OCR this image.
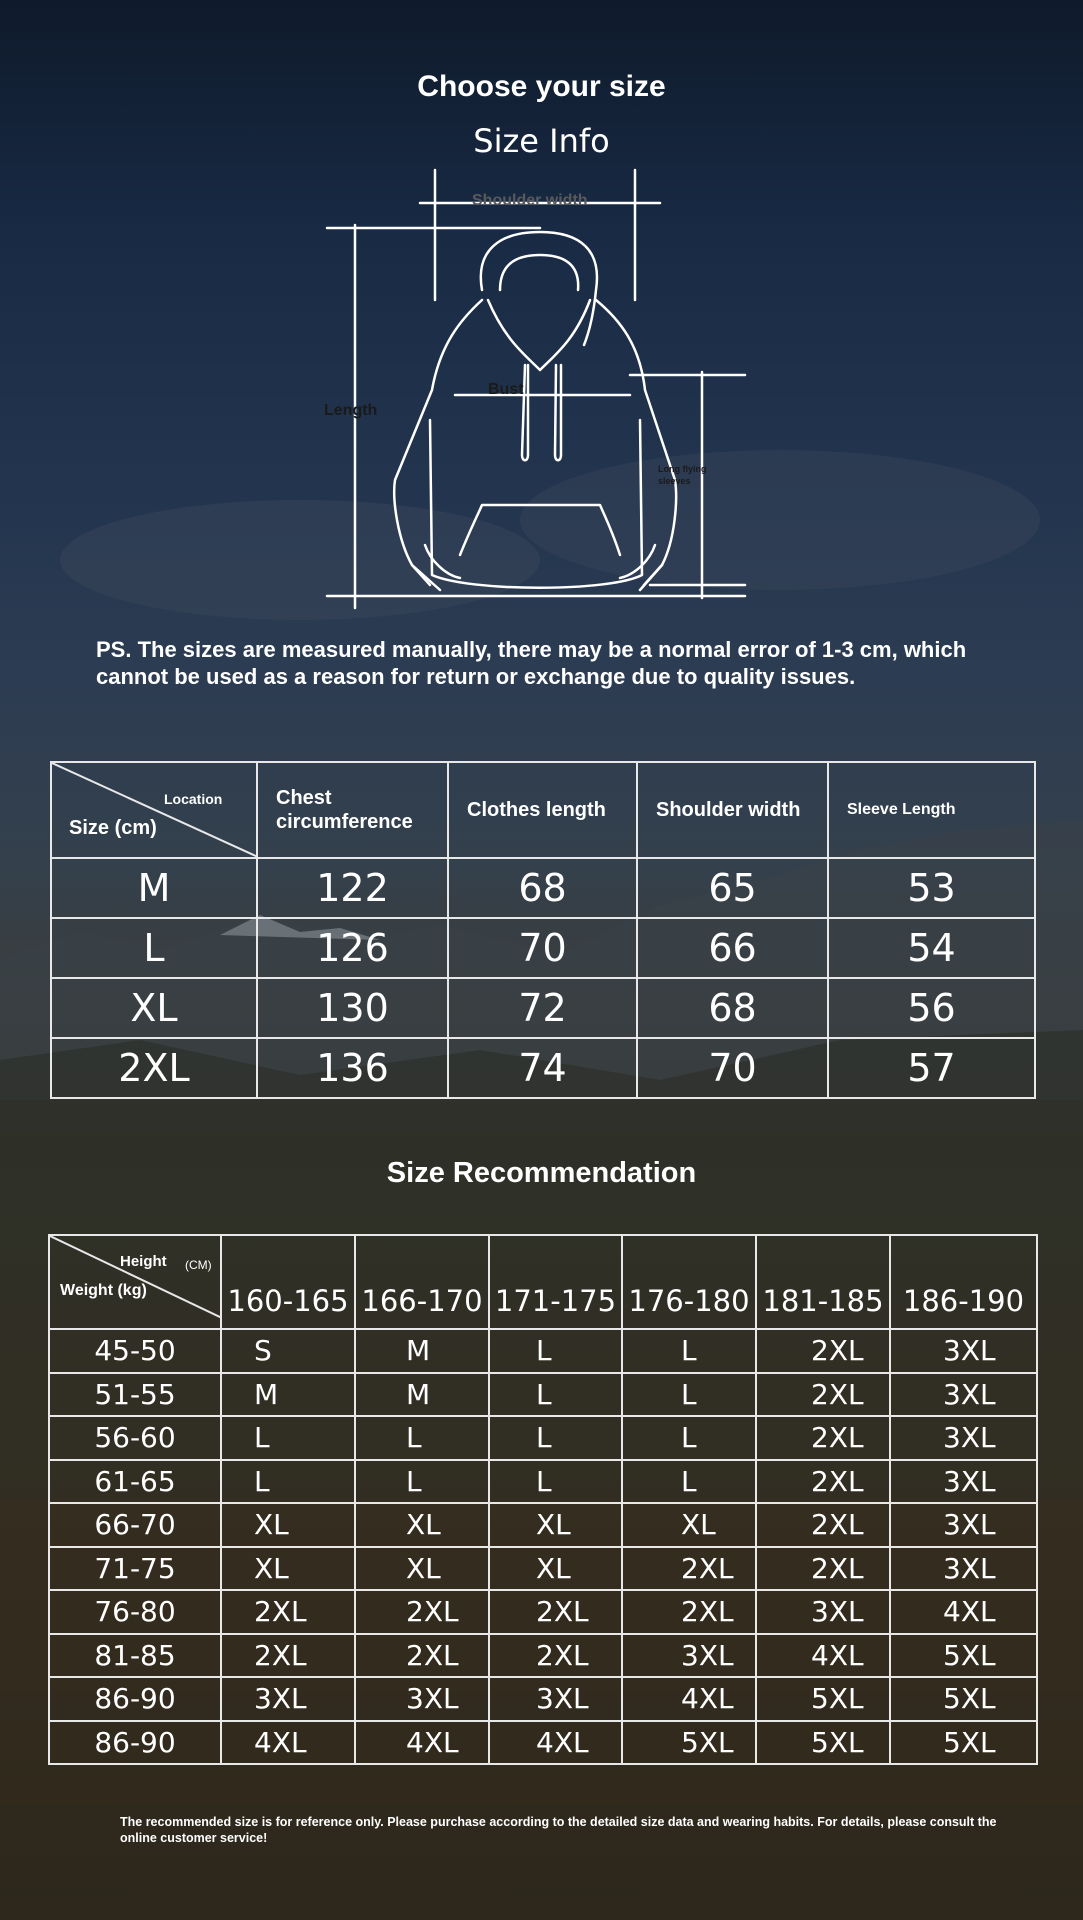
Choose your size
Size Info
Shoulder width
Length
Bust
Long flying sleeves
PS. The sizes are measured manually, there may be a normal error of 1-3 cm, which cannot be used as a reason for return or exchange due to quality issues.
Location
Size (cm)	Chest circumference	Clothes length	Shoulder width	Sleeve Length
M	122	68	65	53
L	126	70	66	54
XL	130	72	68	56
2XL	136	74	70	57
Size Recommendation
Height (CM)
Weight (kg)	160-165	166-170	171-175	176-180	181-185	186-190
45-50	S	M	L	L	2XL	3XL
51-55	M	M	L	L	2XL	3XL
56-60	L	L	L	L	2XL	3XL
61-65	L	L	L	L	2XL	3XL
66-70	XL	XL	XL	XL	2XL	3XL
71-75	XL	XL	XL	2XL	2XL	3XL
76-80	2XL	2XL	2XL	2XL	3XL	4XL
81-85	2XL	2XL	2XL	3XL	4XL	5XL
86-90	3XL	3XL	3XL	4XL	5XL	5XL
86-90	4XL	4XL	4XL	5XL	5XL	5XL
The recommended size is for reference only. Please purchase according to the detailed size data and wearing habits. For details, please consult the online customer service!
